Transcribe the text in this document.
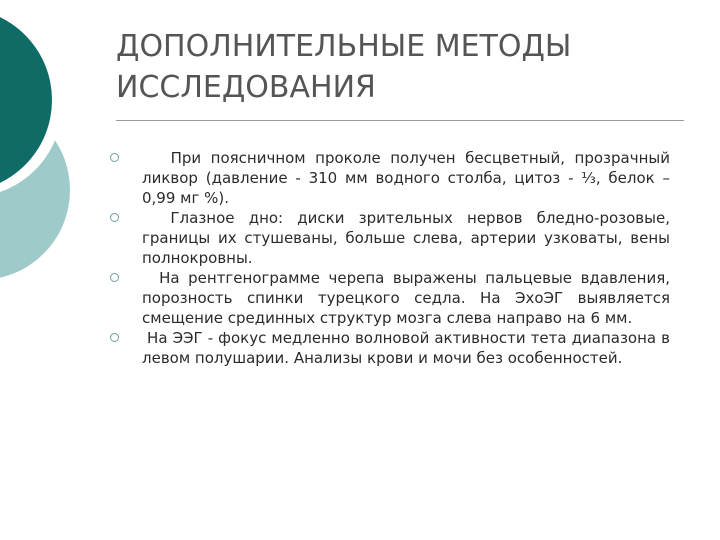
ДОПОЛНИТЕЛЬНЫЕ МЕТОДЫ
ИССЛЕДОВАНИЯ
При поясничном проколе получен бесцветный, прозрачный ликвор (давление - 310 мм водного столба, цитоз - ⅓, белок – 0,99 мг %).
Глазное дно: диски зрительных нервов бледно-розовые, границы их стушеваны, больше слева, артерии узковаты, вены полнокровны.
На рентгенограмме черепа выражены пальцевые вдавления, порозность спинки турецкого седла. На ЭхоЭГ выявляется смещение срединных структур мозга слева направо на 6 мм.
На ЭЭГ - фокус медленно волновой активности тета диапазона в левом полушарии. Анализы крови и мочи без особенностей.
